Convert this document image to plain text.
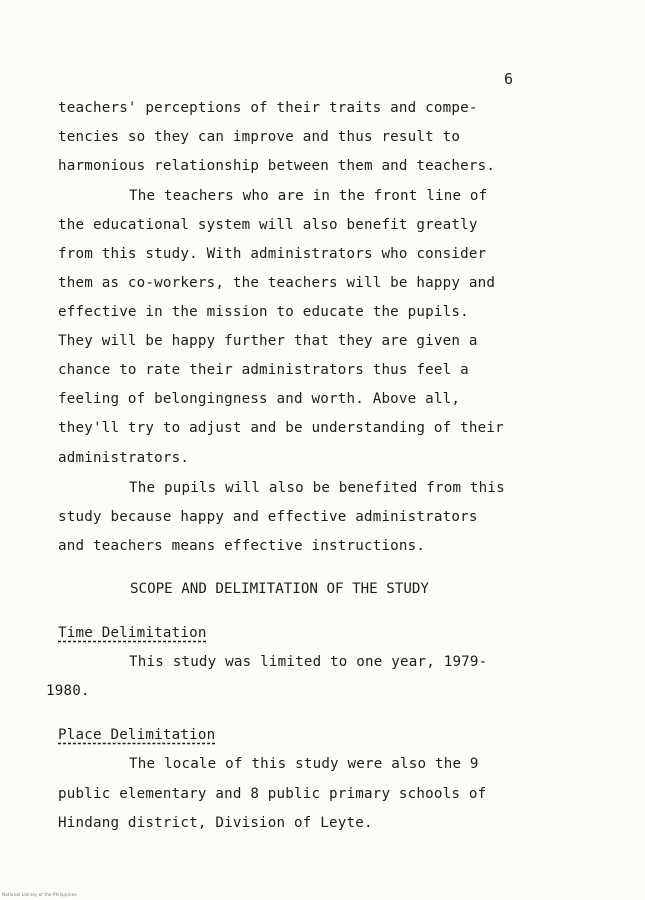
6
teachers' perceptions of their traits and compe-
tencies so they can improve and thus result to
harmonious relationship between them and teachers.
The teachers who are in the front line of
the educational system will also benefit greatly
from this study. With administrators who consider
them as co-workers, the teachers will be happy and
effective in the mission to educate the pupils.
They will be happy further that they are given a
chance to rate their administrators thus feel a
feeling of belongingness and worth. Above all,
they'll try to adjust and be understanding of their
administrators.
The pupils will also be benefited from this
study because happy and effective administrators
and teachers means effective instructions.
SCOPE AND DELIMITATION OF THE STUDY
Time Delimitation
This study was limited to one year, 1979-
1980.
Place Delimitation
The locale of this study were also the 9
public elementary and 8 public primary schools of
Hindang district, Division of Leyte.
National Library of the Philippines
